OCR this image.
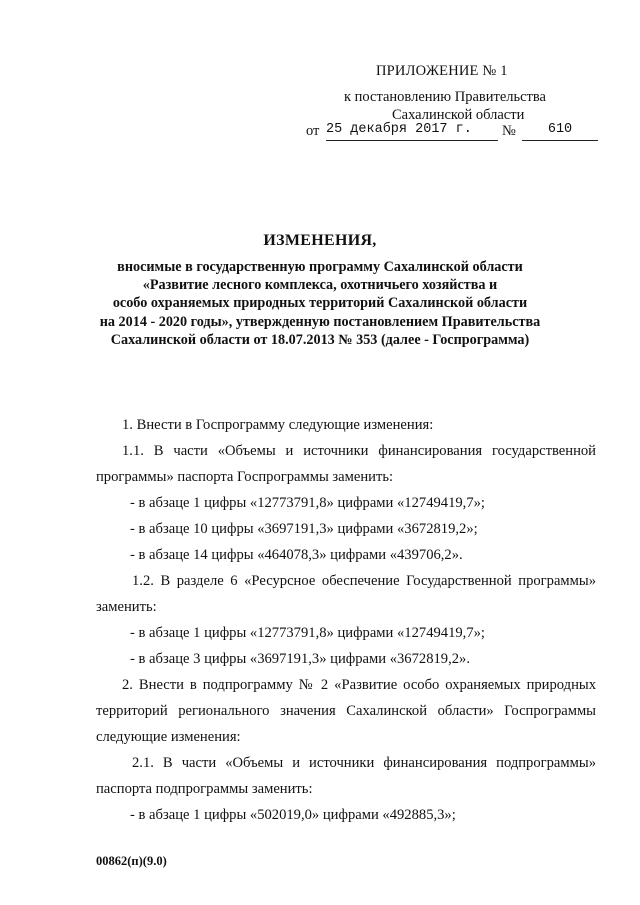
ПРИЛОЖЕНИЕ № 1
к постановлению Правительства
Сахалинской области
от 25 декабря 2017 г.	№	610
ИЗМЕНЕНИЯ,
вносимые в государственную программу Сахалинской области
«Развитие лесного комплекса, охотничьего хозяйства и
особо охраняемых природных территорий Сахалинской области
на 2014 - 2020 годы», утвержденную постановлением Правительства
Сахалинской области от 18.07.2013 № 353 (далее - Госпрограмма)
1. Внести в Госпрограмму следующие изменения:
1.1. В части «Объемы и источники финансирования государственной
программы» паспорта Госпрограммы заменить:
- в абзаце 1 цифры «12773791,8» цифрами «12749419,7»;
- в абзаце 10 цифры «3697191,3» цифрами «3672819,2»;
- в абзаце 14 цифры «464078,3» цифрами «439706,2».
1.2. В разделе 6 «Ресурсное обеспечение Государственной программы»
заменить:
- в абзаце 1 цифры «12773791,8» цифрами «12749419,7»;
- в абзаце 3 цифры «3697191,3» цифрами «3672819,2».
2. Внести в подпрограмму № 2 «Развитие особо охраняемых природных
территорий регионального значения Сахалинской области» Госпрограммы
следующие изменения:
2.1. В части «Объемы и источники финансирования подпрограммы»
паспорта подпрограммы заменить:
- в абзаце 1 цифры «502019,0» цифрами «492885,3»;
00862(п)(9.0)
